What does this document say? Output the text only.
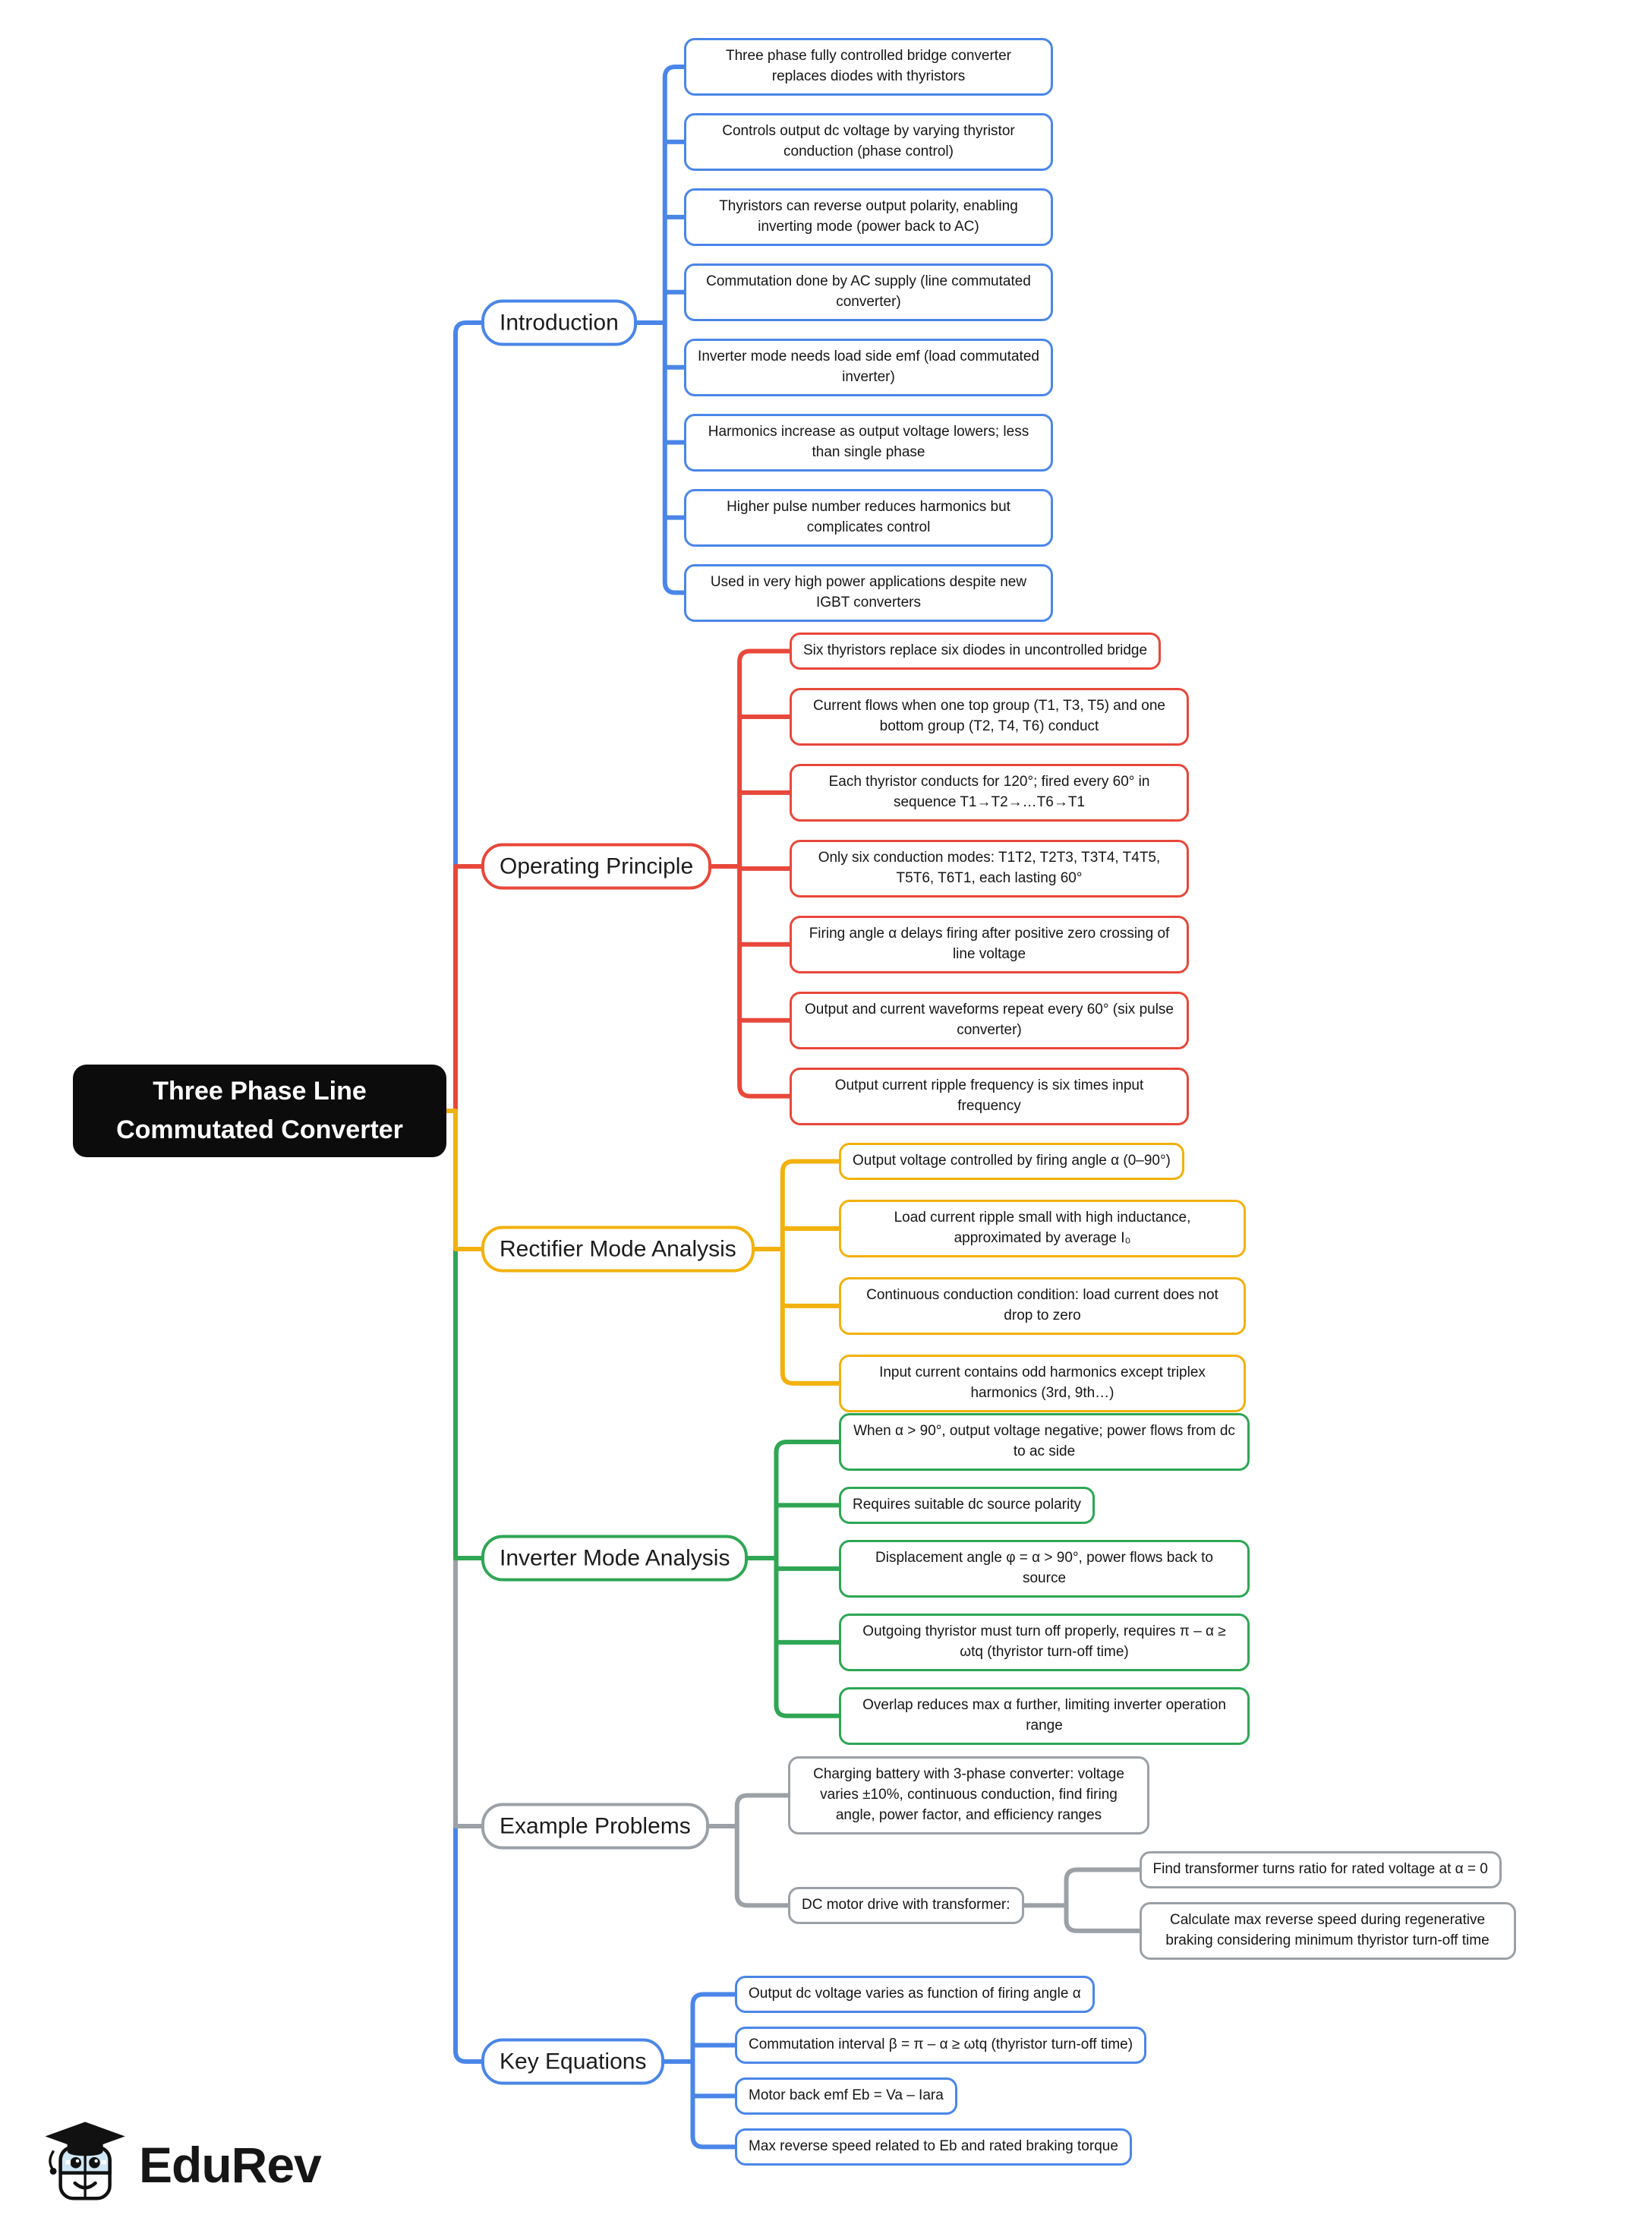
Three Phase Line Commutated Converter
Three phase fully controlled bridge converter replaces diodes with thyristors
Controls output dc voltage by varying thyristor conduction (phase control)
Thyristors can reverse output polarity, enabling inverting mode (power back to AC)
Commutation done by AC supply (line commutated converter)
Inverter mode needs load side emf (load commutated inverter)
Harmonics increase as output voltage lowers; less than single phase
Higher pulse number reduces harmonics but complicates control
Used in very high power applications despite new IGBT converters
Six thyristors replace six diodes in uncontrolled bridge
Current flows when one top group (T1, T3, T5) and one bottom group (T2, T4, T6) conduct
Each thyristor conducts for 120°; fired every 60° in sequence T1→T2→…T6→T1
Only six conduction modes: T1T2, T2T3, T3T4, T4T5, T5T6, T6T1, each lasting 60°
Firing angle α delays firing after positive zero crossing of line voltage
Output and current waveforms repeat every 60° (six pulse converter)
Output current ripple frequency is six times input frequency
Output voltage controlled by firing angle α (0–90°)
Load current ripple small with high inductance, approximated by average I₀
Continuous conduction condition: load current does not drop to zero
Input current contains odd harmonics except triplex harmonics (3rd, 9th…)
When α > 90°, output voltage negative; power flows from dc to ac side
Requires suitable dc source polarity
Displacement angle φ = α > 90°, power flows back to source
Outgoing thyristor must turn off properly, requires π – α ≥ ωtq (thyristor turn-off time)
Overlap reduces max α further, limiting inverter operation range
Charging battery with 3-phase converter: voltage varies ±10%, continuous conduction, find firing angle, power factor, and efficiency ranges
DC motor drive with transformer:
Find transformer turns ratio for rated voltage at α = 0
Calculate max reverse speed during regenerative braking considering minimum thyristor turn-off time
Output dc voltage varies as function of firing angle α
Commutation interval β = π – α ≥ ωtq (thyristor turn-off time)
Motor back emf Eb = Va – Iara
Max reverse speed related to Eb and rated braking torque
EduRev
Introduction
Operating Principle
Rectifier Mode Analysis
Inverter Mode Analysis
Example Problems
Key Equations
